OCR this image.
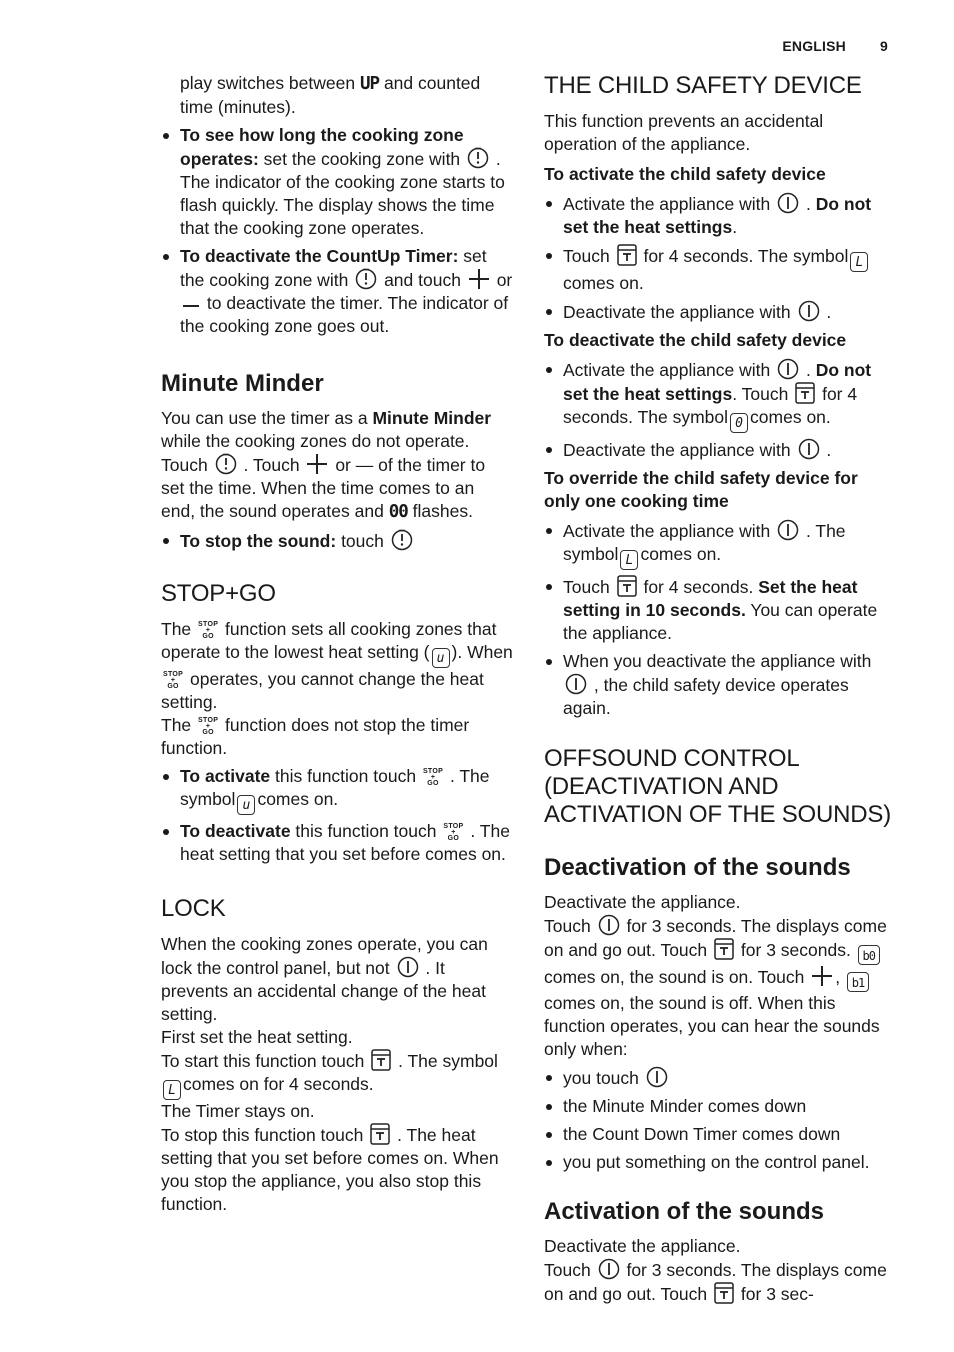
ENGLISH 9

play switches between UP and counted time (minutes).

To see how long the cooking zone operates: set the cooking zone with . The indicator of the cooking zone starts to flash quickly. The display shows the time that the cooking zone operates.
To deactivate the CountUp Timer: set the cooking zone with and touch or  to deactivate the timer. The indicator of the cooking zone goes out.
Minute Minder

You can use the timer as a Minute Minder while the cooking zones do not operate. Touch . Touch or — of the timer to set the time. When the time comes to an end, the sound operates and 00 flashes.

To stop the sound: touch
STOP+GO

The STOP
+
GO function sets all cooking zones that operate to the lowest heat setting ( u ). When STOP
+
GO operates, you cannot change the heat setting.

The STOP
+
GO function does not stop the timer function.

To activate this function touch STOP
+
GO . The symbol u comes on.
To deactivate this function touch STOP
+
GO . The heat setting that you set before comes on.
LOCK

When the cooking zones operate, you can lock the control panel, but not . It prevents an accidental change of the heat setting.

First set the heat setting.

To start this function touch . The symbolL comes on for 4 seconds.

The Timer stays on.

To stop this function touch . The heat setting that you set before comes on. When you stop the appliance, you also stop this function.

THE CHILD SAFETY DEVICE

This function prevents an accidental operation of the appliance.

To activate the child safety device

Activate the appliance with . Do not set the heat settings.
Touch for 4 seconds. The symbol Lcomes on.
Deactivate the appliance with .

To deactivate the child safety device

Activate the appliance with . Do not set the heat settings. Touch for 4 seconds. The symbol 0 comes on.
Deactivate the appliance with .

To override the child safety device for only one cooking time

Activate the appliance with . The symbol L comes on.
Touch for 4 seconds. Set the heat setting in 10 seconds. You can operate the appliance.
When you deactivate the appliance with  , the child safety device operates again.
OFFSOUND CONTROL (DEACTIVATION AND ACTIVATION OF THE SOUNDS)
Deactivation of the sounds

Deactivate the appliance.

Touch for 3 seconds. The displays come on and go out. Touch for 3 seconds. b0 comes on, the sound is on. Touch , b1 comes on, the sound is off. When this function operates, you can hear the sounds only when:

you touch
the Minute Minder comes down
the Count Down Timer comes down
you put something on the control panel.
Activation of the sounds

Deactivate the appliance.

Touch for 3 seconds. The displays come on and go out. Touch for 3 sec-
